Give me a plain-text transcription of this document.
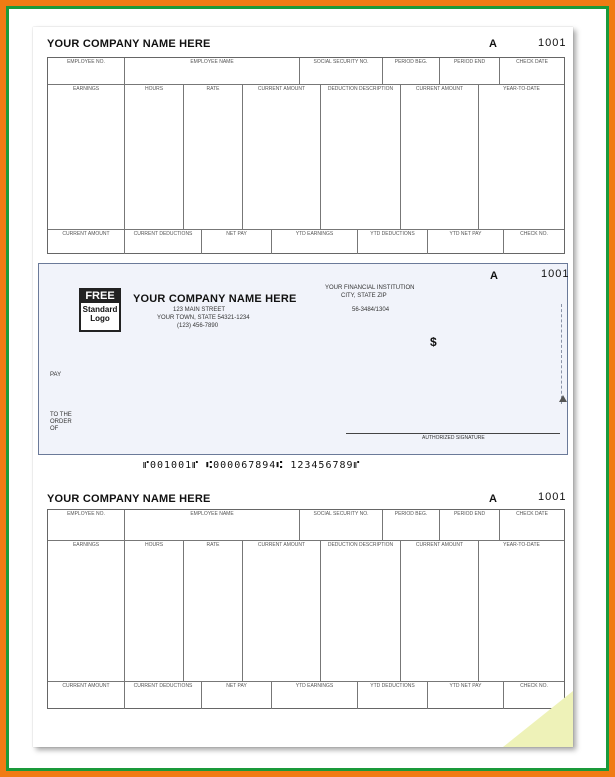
YOUR COMPANY NAME HERE	A	1001
EMPLOYEE NO.	EMPLOYEE NAME	SOCIAL SECURITY NO.	PERIOD BEG.	PERIOD END	CHECK DATE
EARNINGS	HOURS	RATE	CURRENT AMOUNT	DEDUCTION DESCRIPTION	CURRENT AMOUNT	YEAR-TO-DATE
CURRENT AMOUNT	CURRENT DEDUCTIONS	NET PAY	YTD EARNINGS	YTD DEDUCTIONS	YTD NET PAY	CHECK NO.
⑈001001⑈ ⑆000067894⑆ 123456789⑈
YOUR COMPANY NAME HERE	A	1001
EMPLOYEE NO.	EMPLOYEE NAME	SOCIAL SECURITY NO.	PERIOD BEG.	PERIOD END	CHECK DATE
EARNINGS	HOURS	RATE	CURRENT AMOUNT	DEDUCTION DESCRIPTION	CURRENT AMOUNT	YEAR-TO-DATE
CURRENT AMOUNT	CURRENT DEDUCTIONS	NET PAY	YTD EARNINGS	YTD DEDUCTIONS	YTD NET PAY	CHECK NO.
FREE
Standard
Logo
YOUR COMPANY NAME HERE
123 MAIN STREET
YOUR TOWN, STATE 54321-1234
(123) 456-7890
YOUR FINANCIAL INSTITUTION
CITY, STATE ZIP
56-3484/1304
A	1001
$
PAY
TO THE
ORDER
OF
AUTHORIZED SIGNATURE
